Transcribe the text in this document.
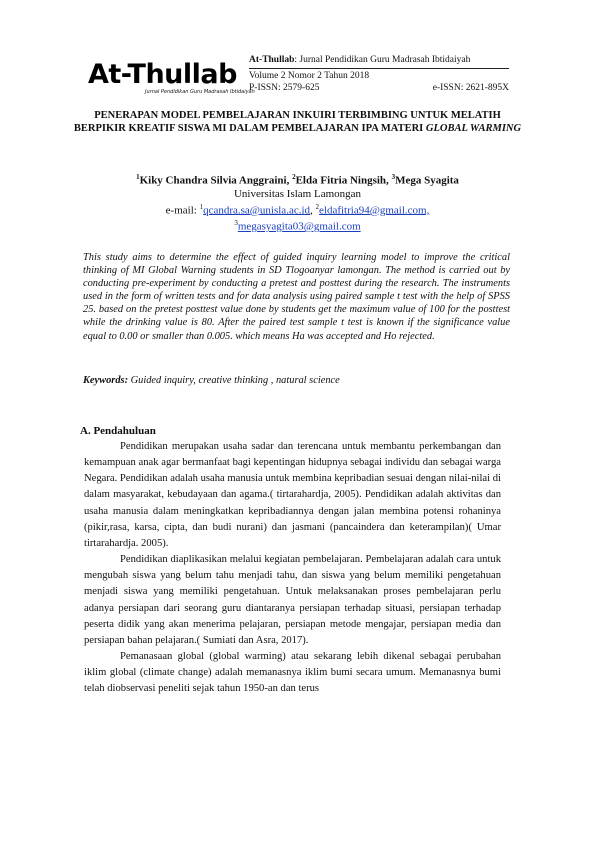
At-Thullab
Jurnal Pendidikan Guru Madrasah Ibtidaiyah
At-Thullab: Jurnal Pendidikan Guru Madrasah Ibtidaiyah
Volume 2 Nomor 2 Tahun 2018
P-ISSN: 2579-625	e-ISSN: 2621-895X
PENERAPAN MODEL PEMBELAJARAN INKUIRI TERBIMBING UNTUK MELATIH BERPIKIR KREATIF SISWA MI DALAM PEMBELAJARAN IPA MATERI GLOBAL WARMING
$^1$Kiky Chandra Silvia Anggraini, $^2$Elda Fitria Ningsih, $^3$Mega Syagita
Universitas Islam Lamongan
e-mail: $^1$qcandra.sa@unisla.ac.id, $^2$eldafitria94@gmail.com,
$^3$megasyagita03@gmail.com
This study aims to determine the effect of guided inquiry learning model to improve the critical thinking of MI Global Warning students in SD Tlogoanyar lamongan. The method is carried out by conducting pre-experiment by conducting a pretest and posttest during the research. The instruments used in the form of written tests and for data analysis using paired sample t test with the help of SPSS 25. based on the pretest posttest value done by students get the maximum value of 100 for the posttest while the drinking value is 80. After the paired test sample t test is known if the significance value equal to 0.00 or smaller than 0.005. which means Ha was accepted and Ho rejected.
Keywords: Guided inquiry, creative thinking , natural science
A. Pendahuluan

Pendidikan merupakan usaha sadar dan terencana untuk membantu perkembangan dan kemampuan anak agar bermanfaat bagi kepentingan hidupnya sebagai individu dan sebagai warga Negara. Pendidikan adalah usaha manusia untuk membina kepribadian sesuai dengan nilai-nilai di dalam masyarakat, kebudayaan dan agama.( tirtarahardja, 2005). Pendidikan adalah aktivitas dan usaha manusia dalam meningkatkan kepribadiannya dengan jalan membina potensi rohaninya (pikir,rasa, karsa, cipta, dan budi nurani) dan jasmani (pancaindera dan keterampilan)( Umar tirtarahardja. 2005).

Pendidikan diaplikasikan melalui kegiatan pembelajaran. Pembelajaran adalah cara untuk mengubah siswa yang belum tahu menjadi tahu, dan siswa yang belum memiliki pengetahuan menjadi siswa yang memiliki pengetahuan. Untuk melaksanakan proses pembelajaran perlu adanya persiapan dari seorang guru diantaranya persiapan terhadap situasi, persiapan terhadap peserta didik yang akan menerima pelajaran, persiapan metode mengajar, persiapan media dan persiapan bahan pelajaran.( Sumiati dan Asra, 2017).

Pemanasaan global (global warming) atau sekarang lebih dikenal sebagai perubahan iklim global (climate change) adalah memanasnya iklim bumi secara umum. Memanasnya bumi telah diobservasi peneliti sejak tahun 1950-an dan terus
